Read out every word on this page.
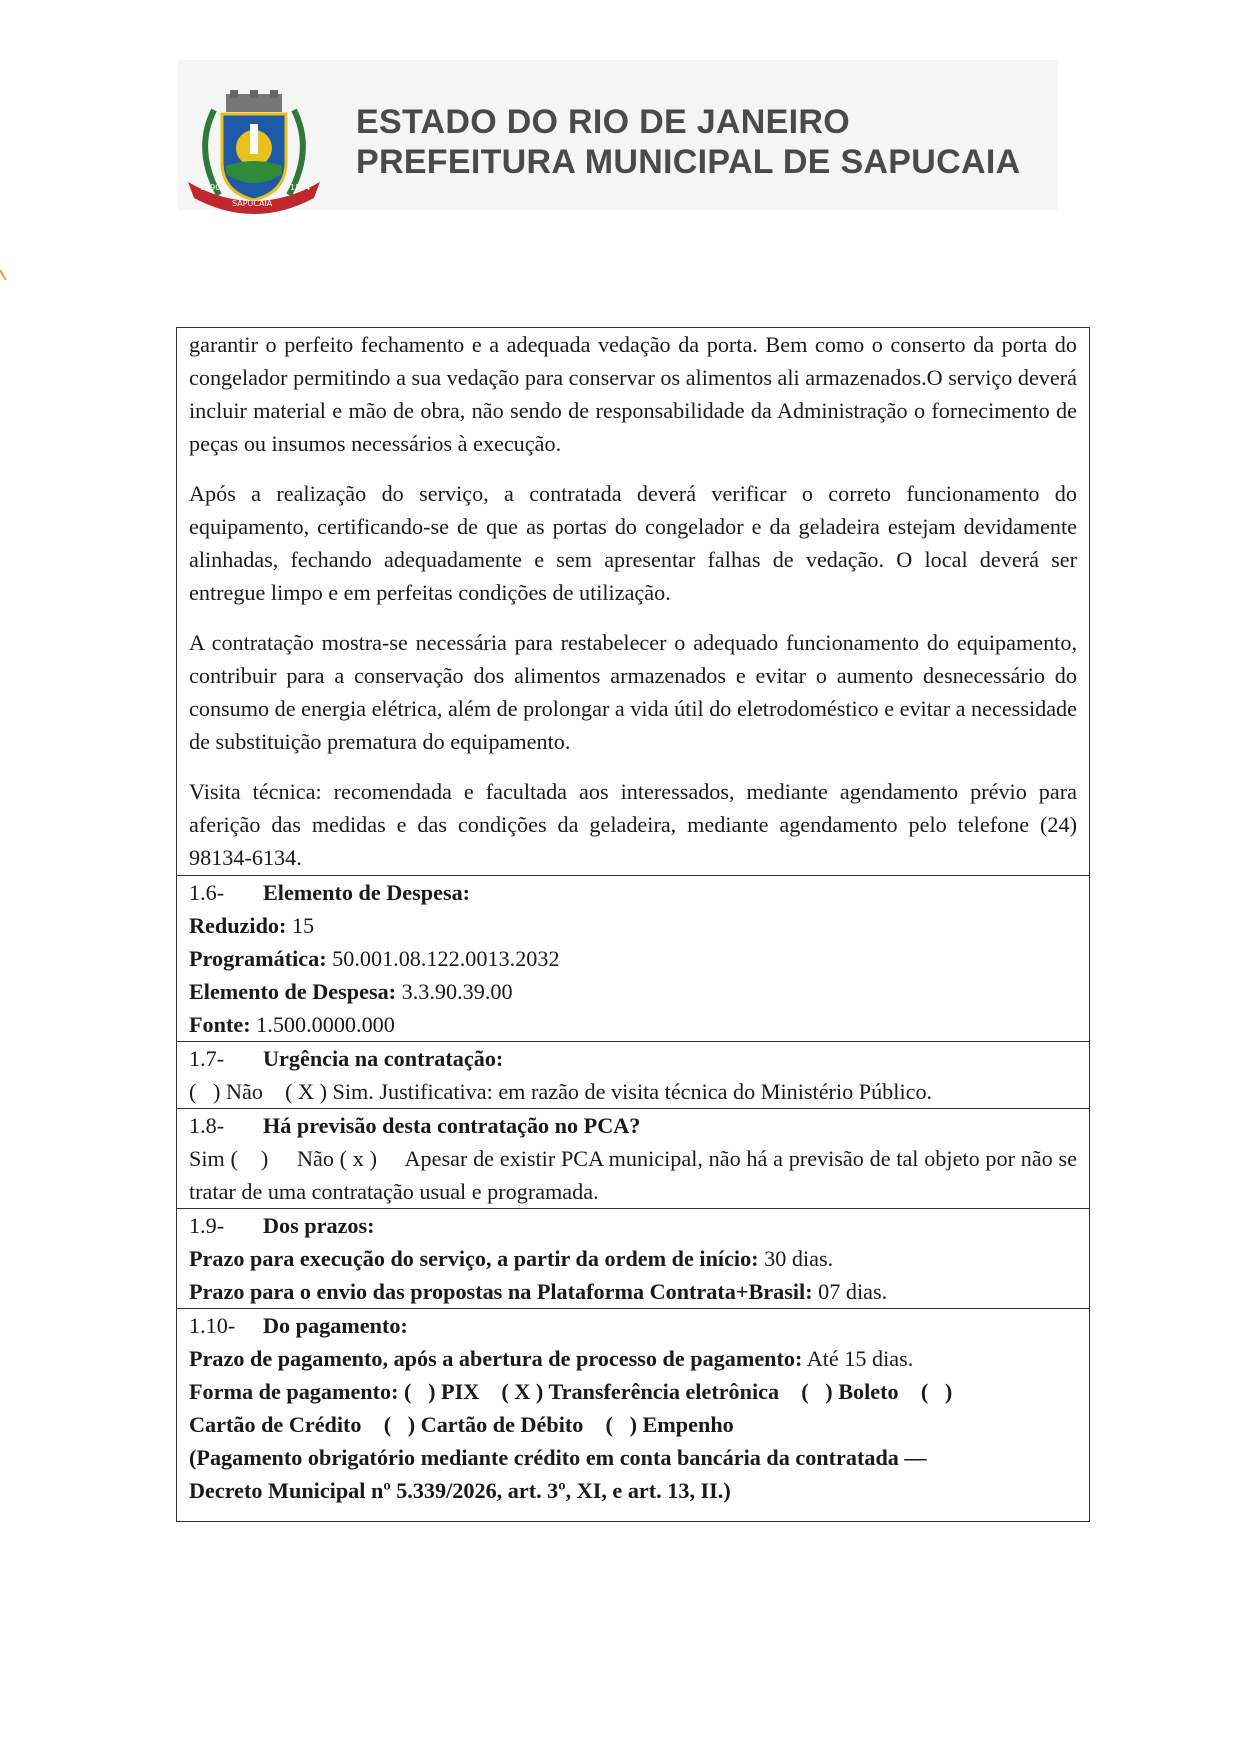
1890	1874
SAPUCAIA
ESTADO DO RIO DE JANEIRO
PREFEITURA MUNICIPAL DE SAPUCAIA

garantir o perfeito fechamento e a adequada vedação da porta. Bem como o conserto da porta do congelador permitindo a sua vedação para conservar os alimentos ali armazenados.O serviço deverá incluir material e mão de obra, não sendo de responsabilidade da Administração o fornecimento de peças ou insumos necessários à execução.

Após a realização do serviço, a contratada deverá verificar o correto funcionamento do equipamento, certificando-se de que as portas do congelador e da geladeira estejam devidamente alinhadas, fechando adequadamente e sem apresentar falhas de vedação. O local deverá ser entregue limpo e em perfeitas condições de utilização.

A contratação mostra-se necessária para restabelecer o adequado funcionamento do equipamento, contribuir para a conservação dos alimentos armazenados e evitar o aumento desnecessário do consumo de energia elétrica, além de prolongar a vida útil do eletrodoméstico e evitar a necessidade de substituição prematura do equipamento.

Visita técnica: recomendada e facultada aos interessados, mediante agendamento prévio para aferição das medidas e das condições da geladeira, mediante agendamento pelo telefone (24) 98134-6134.

1.6-	Elemento de Despesa:
Reduzido: 15
Programática: 50.001.08.122.0013.2032
Elemento de Despesa: 3.3.90.39.00
Fonte: 1.500.0000.000
1.7-	Urgência na contratação:
(   ) Não    ( X ) Sim. Justificativa: em razão de visita técnica do Ministério Público.
1.8-	Há previsão desta contratação no PCA?

Sim (    )     Não ( x )     Apesar de existir PCA municipal, não há a previsão de tal objeto por não se tratar de uma contratação usual e programada.

1.9-	Dos prazos:
Prazo para execução do serviço, a partir da ordem de início: 30 dias.
Prazo para o envio das propostas na Plataforma Contrata+Brasil: 07 dias.
1.10-	Do pagamento:
Prazo de pagamento, após a abertura de processo de pagamento: Até 15 dias.
Forma de pagamento: (   ) PIX    ( X ) Transferência eletrônica    (   ) Boleto    (   )
Cartão de Crédito    (   ) Cartão de Débito    (   ) Empenho
(Pagamento obrigatório mediante crédito em conta bancária da contratada —
Decreto Municipal nº 5.339/2026, art. 3º, XI, e art. 13, II.)
